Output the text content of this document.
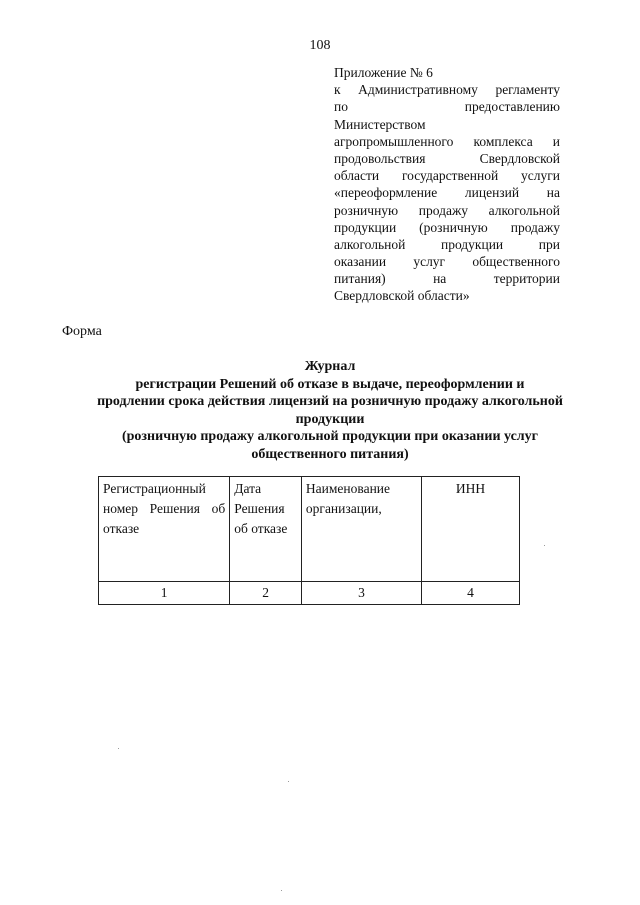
108
Приложение № 6
к Административному регламенту
по предоставлению
Министерством
агропромышленного комплекса и
продовольствия Свердловской
области государственной услуги
«переоформление лицензий на
розничную продажу алкогольной
продукции (розничную продажу
алкогольной продукции при
оказании услуг общественного
питания) на территории
Свердловской области»
Форма
Журнал
регистрации Решений об отказе в выдаче, переоформлении и
продлении срока действия лицензий на розничную продажу алкогольной
продукции
(розничную продажу алкогольной продукции при оказании услуг
общественного питания)
Регистрационный номер Решения об отказе	Дата Решения об отказе	Наименование организации,	ИНН
1	2	3	4
